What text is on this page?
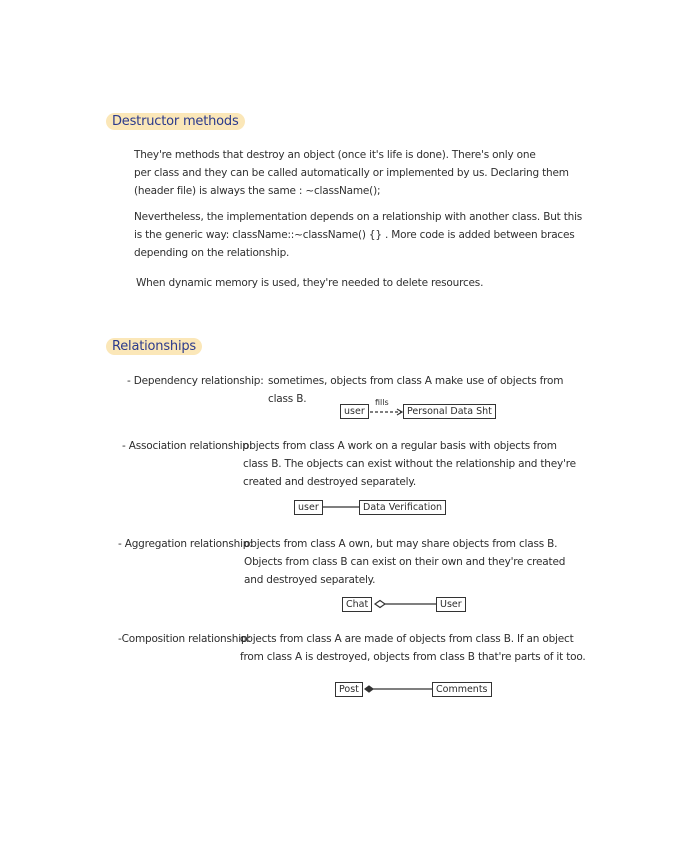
Destructor methods
They're methods that destroy an object (once it's life is done). There's only one
per class and they can be called automatically or implemented by us. Declaring them
(header file) is always the same : ~className();
Nevertheless, the implementation depends on a relationship with another class. But this
is the generic way: className::~className() {} . More code is added between braces
depending on the relationship.
When dynamic memory is used, they're needed to delete resources.
Relationships
- Dependency relationship: sometimes, objects from class A make use of objects from
class B.
user
fills
Personal Data Sht
- Association relationship:
objects from class A work on a regular basis with objects from
class B. The objects can exist without the relationship and they're
created and destroyed separately.
user	Data Verification
- Aggregation relationship:
objects from class A own, but may share objects from class B.
Objects from class B can exist on their own and they're created
and destroyed separately.
Chat	User
-Composition relationship:
objects from class A are made of objects from class B. If an object
from class A is destroyed, objects from class B that're parts of it too.
Post	Comments
